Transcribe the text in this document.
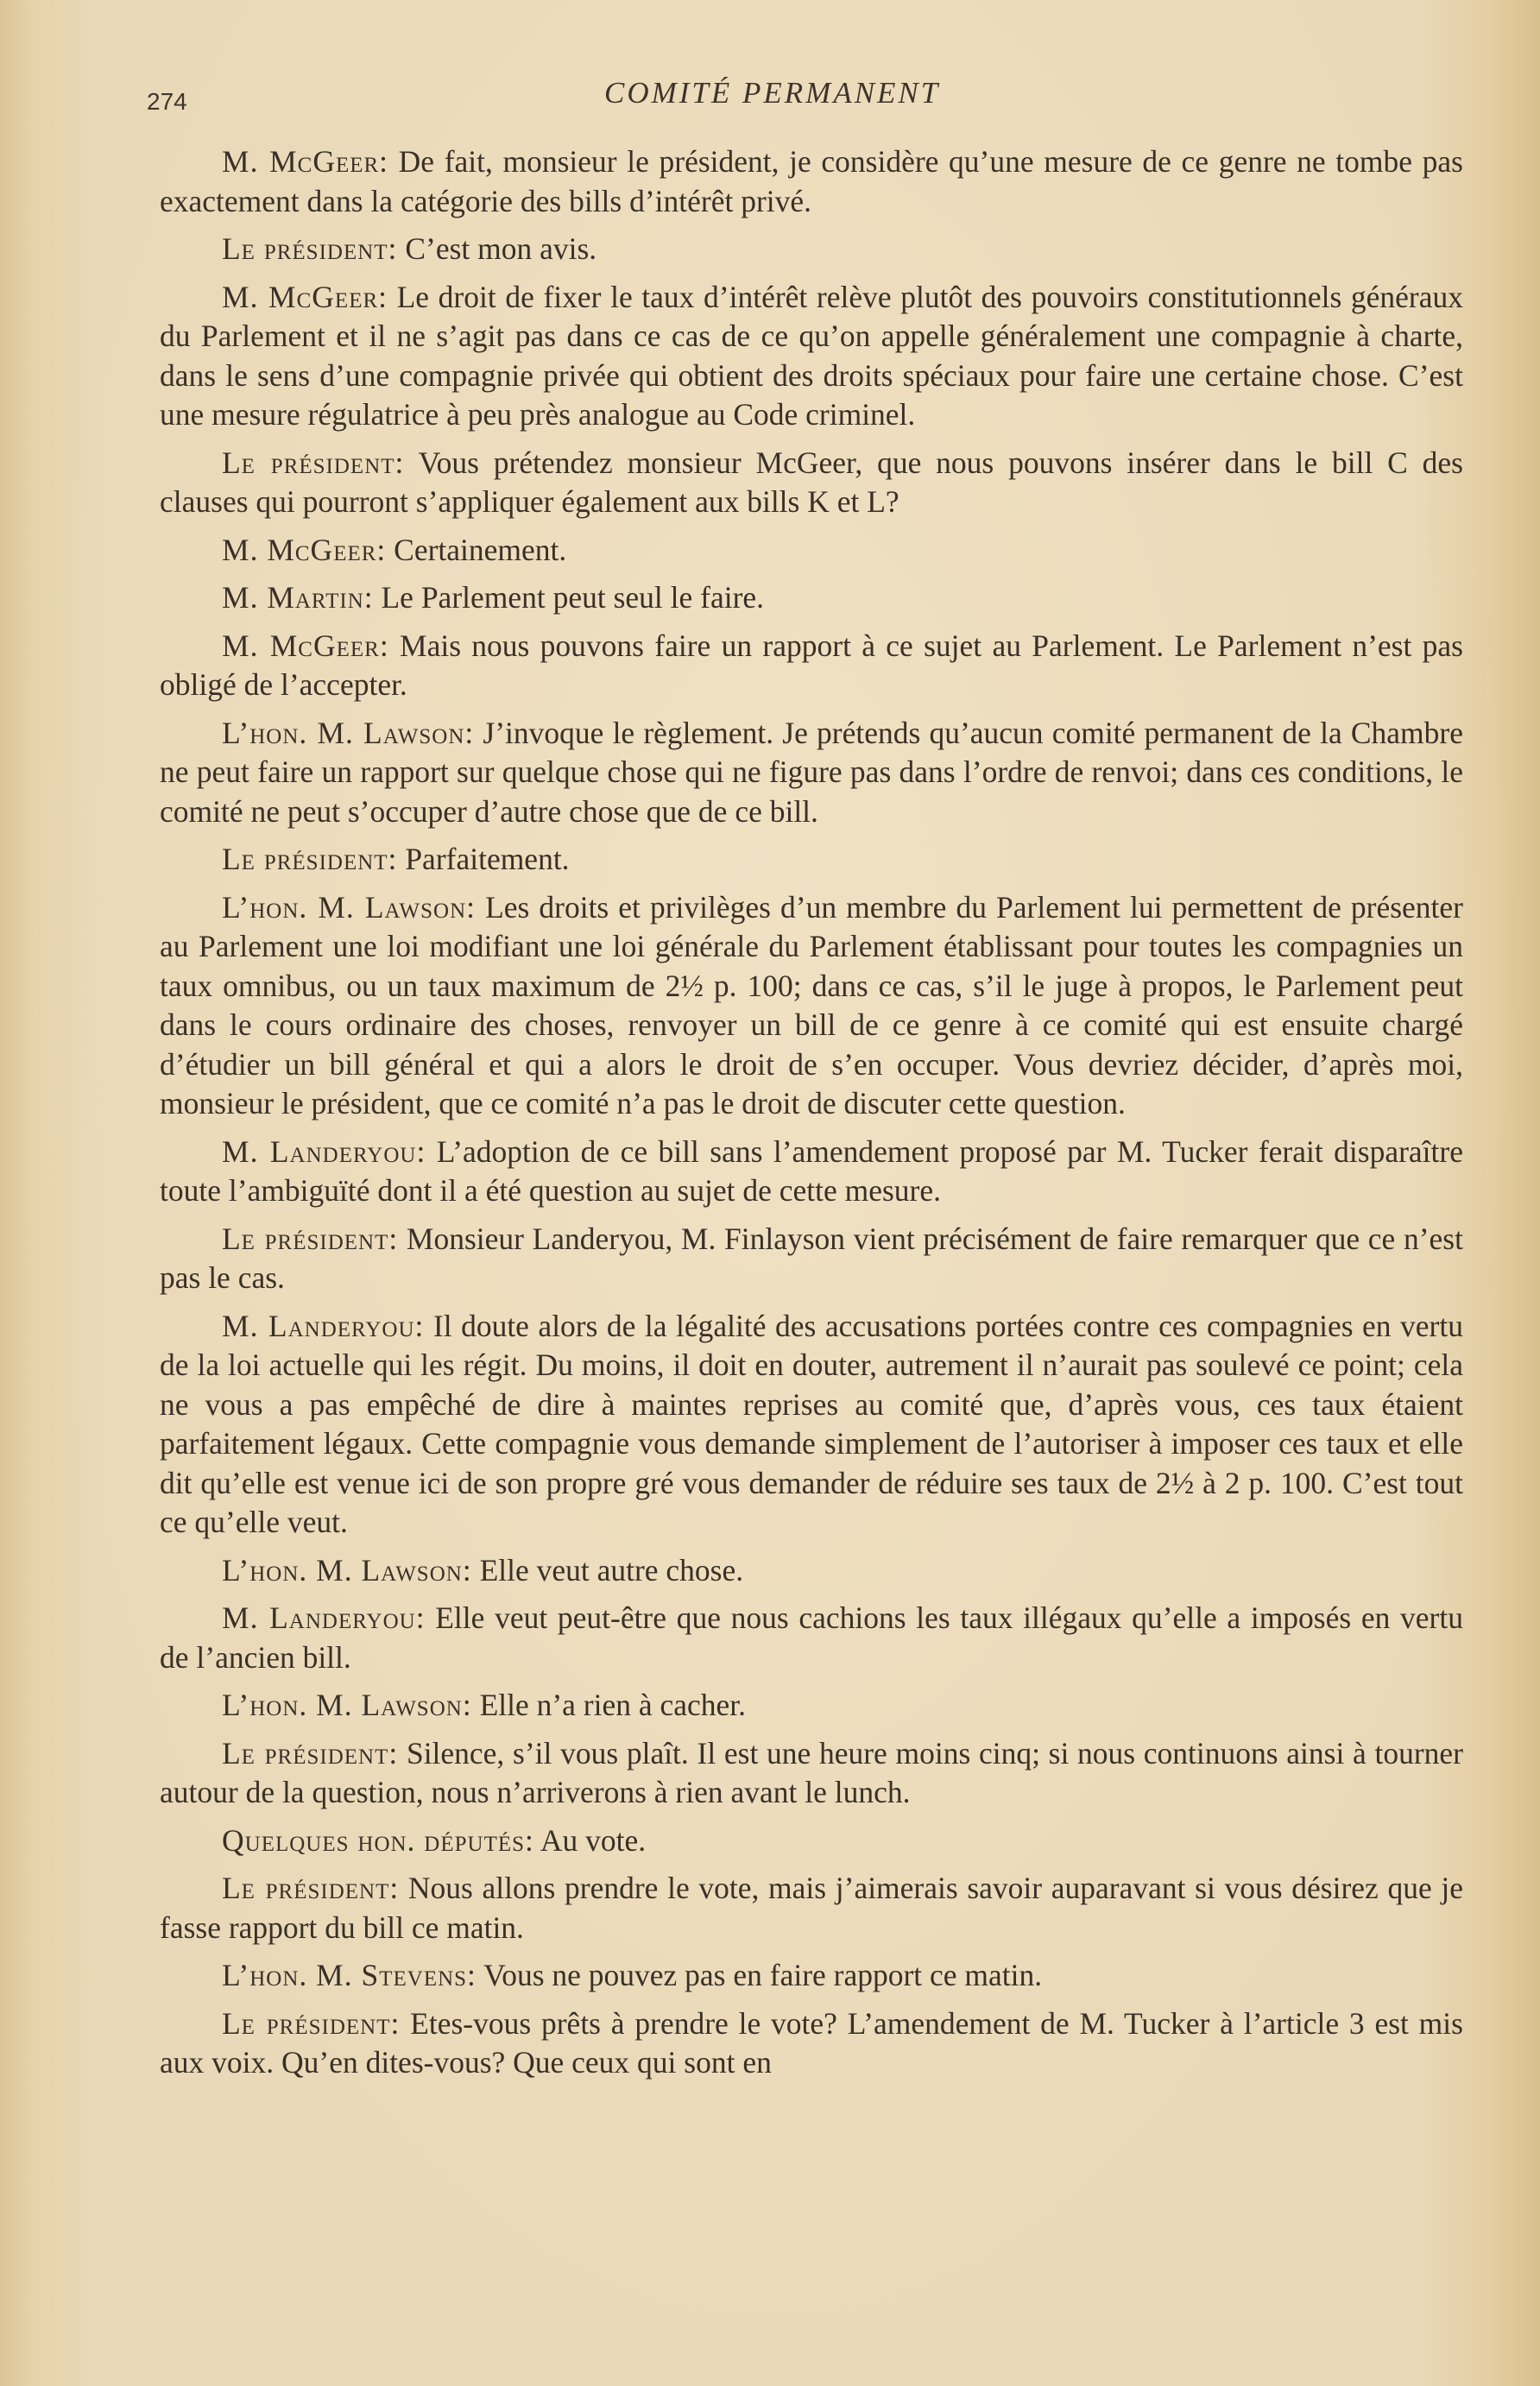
274	COMITÉ PERMANENT

M. McGeer: De fait, monsieur le président, je considère qu’une mesure de ce genre ne tombe pas exactement dans la catégorie des bills d’intérêt privé.

Le président: C’est mon avis.

M. McGeer: Le droit de fixer le taux d’intérêt relève plutôt des pouvoirs constitutionnels généraux du Parlement et il ne s’agit pas dans ce cas de ce qu’on appelle généralement une compagnie à charte, dans le sens d’une compagnie privée qui obtient des droits spéciaux pour faire une certaine chose. C’est une mesure régulatrice à peu près analogue au Code criminel.

Le président: Vous prétendez monsieur McGeer, que nous pouvons insérer dans le bill C des clauses qui pourront s’appliquer également aux bills K et L?

M. McGeer: Certainement.

M. Martin: Le Parlement peut seul le faire.

M. McGeer: Mais nous pouvons faire un rapport à ce sujet au Parlement. Le Parlement n’est pas obligé de l’accepter.

L’hon. M. Lawson: J’invoque le règlement. Je prétends qu’aucun comité permanent de la Chambre ne peut faire un rapport sur quelque chose qui ne figure pas dans l’ordre de renvoi; dans ces conditions, le comité ne peut s’occuper d’autre chose que de ce bill.

Le président: Parfaitement.

L’hon. M. Lawson: Les droits et privilèges d’un membre du Parlement lui permettent de présenter au Parlement une loi modifiant une loi générale du Parlement établissant pour toutes les compagnies un taux omnibus, ou un taux maximum de 2½ p. 100; dans ce cas, s’il le juge à propos, le Parlement peut dans le cours ordinaire des choses, renvoyer un bill de ce genre à ce comité qui est ensuite chargé d’étudier un bill général et qui a alors le droit de s’en occuper. Vous devriez décider, d’après moi, monsieur le président, que ce comité n’a pas le droit de discuter cette question.

M. Landeryou: L’adoption de ce bill sans l’amendement proposé par M. Tucker ferait disparaître toute l’ambiguïté dont il a été question au sujet de cette mesure.

Le président: Monsieur Landeryou, M. Finlayson vient précisément de faire remarquer que ce n’est pas le cas.

M. Landeryou: Il doute alors de la légalité des accusations portées contre ces compagnies en vertu de la loi actuelle qui les régit. Du moins, il doit en douter, autrement il n’aurait pas soulevé ce point; cela ne vous a pas empêché de dire à maintes reprises au comité que, d’après vous, ces taux étaient parfaitement légaux. Cette compagnie vous demande simplement de l’autoriser à imposer ces taux et elle dit qu’elle est venue ici de son propre gré vous demander de réduire ses taux de 2½ à 2 p. 100. C’est tout ce qu’elle veut.

L’hon. M. Lawson: Elle veut autre chose.

M. Landeryou: Elle veut peut-être que nous cachions les taux illégaux qu’elle a imposés en vertu de l’ancien bill.

L’hon. M. Lawson: Elle n’a rien à cacher.

Le président: Silence, s’il vous plaît. Il est une heure moins cinq; si nous continuons ainsi à tourner autour de la question, nous n’arriverons à rien avant le lunch.

Quelques hon. députés: Au vote.

Le président: Nous allons prendre le vote, mais j’aimerais savoir auparavant si vous désirez que je fasse rapport du bill ce matin.

L’hon. M. Stevens: Vous ne pouvez pas en faire rapport ce matin.

Le président: Etes-vous prêts à prendre le vote? L’amendement de M. Tucker à l’article 3 est mis aux voix. Qu’en dites-vous? Que ceux qui sont en
